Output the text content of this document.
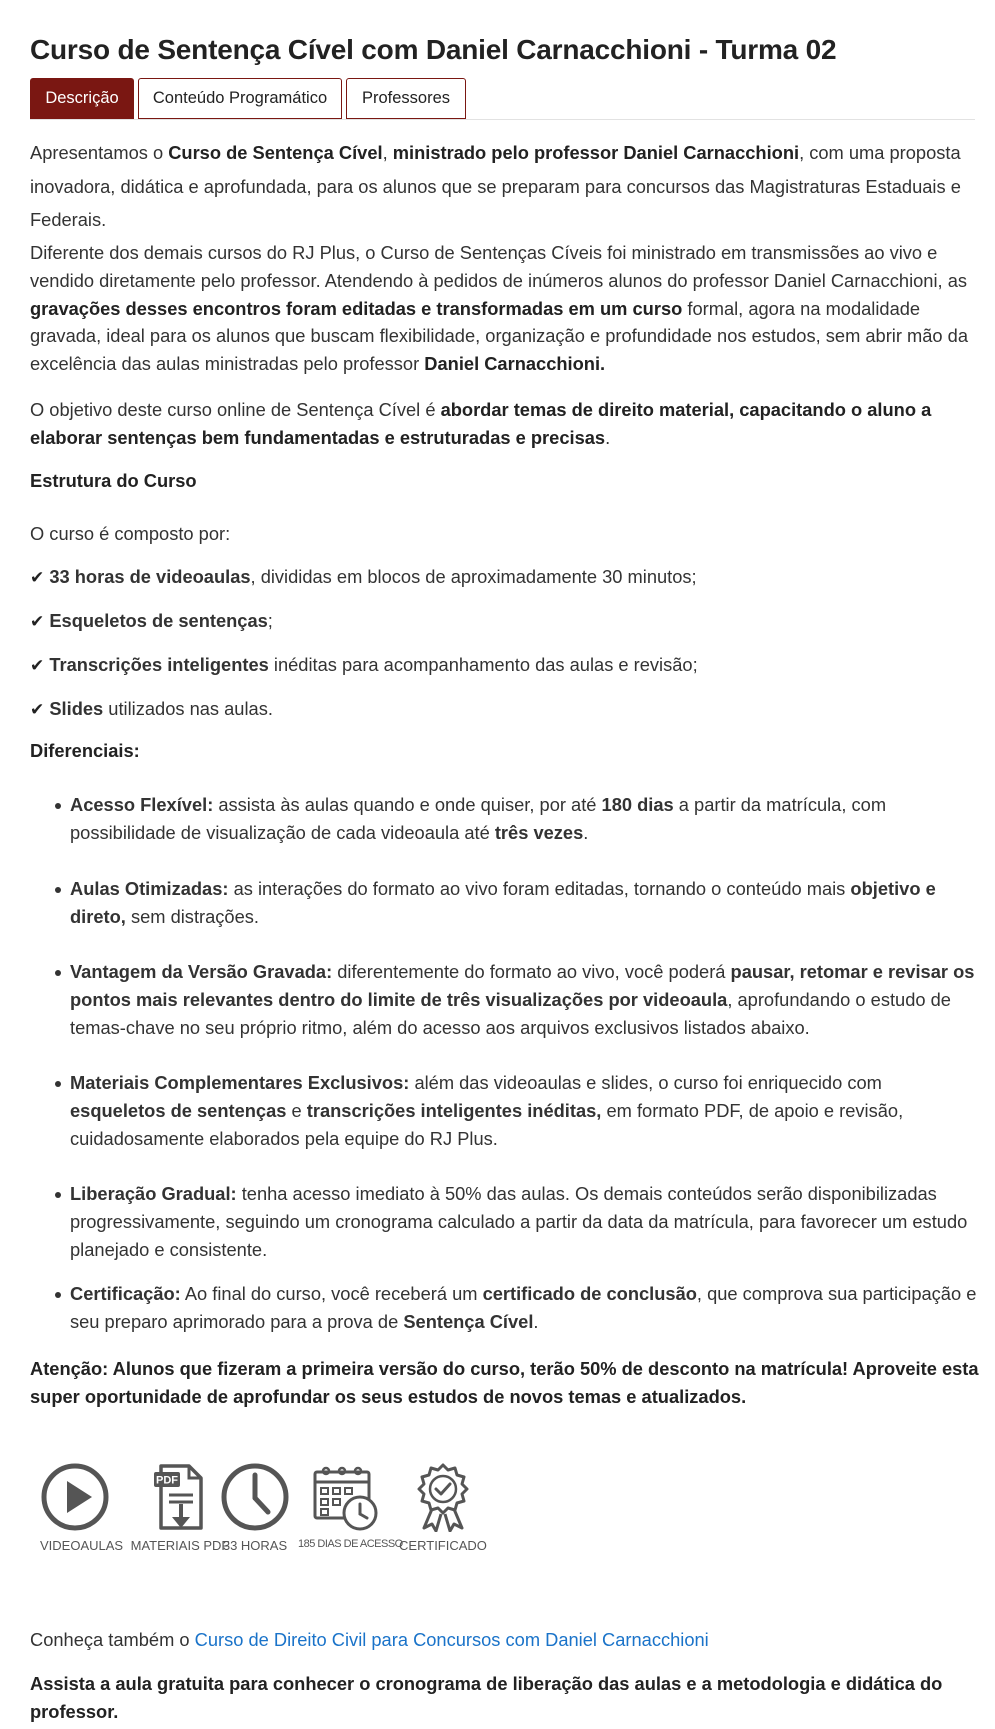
Curso de Sentença Cível com Daniel Carnacchioni - Turma 02
Descrição	Conteúdo Programático	Professores

Apresentamos o Curso de Sentença Cível, ministrado pelo professor Daniel Carnacchioni, com uma proposta inovadora, didática e aprofundada, para os alunos que se preparam para concursos das Magistraturas Estaduais e Federais.

Diferente dos demais cursos do RJ Plus, o Curso de Sentenças Cíveis foi ministrado em transmissões ao vivo e vendido diretamente pelo professor. Atendendo à pedidos de inúmeros alunos do professor Daniel Carnacchioni, as gravações desses encontros foram editadas e transformadas em um curso formal, agora na modalidade gravada, ideal para os alunos que buscam flexibilidade, organização e profundidade nos estudos, sem abrir mão da excelência das aulas ministradas pelo professor Daniel Carnacchioni.

O objetivo deste curso online de Sentença Cível é abordar temas de direito material, capacitando o aluno a elaborar sentenças bem fundamentadas e estruturadas e precisas.

Estrutura do Curso

O curso é composto por:

✔ 33 horas de videoaulas, divididas em blocos de aproximadamente 30 minutos;

✔ Esqueletos de sentenças;

✔ Transcrições inteligentes inéditas para acompanhamento das aulas e revisão;

✔ Slides utilizados nas aulas.

Diferenciais:

Acesso Flexível: assista às aulas quando e onde quiser, por até 180 dias a partir da matrícula, com possibilidade de visualização de cada videoaula até três vezes.

Aulas Otimizadas: as interações do formato ao vivo foram editadas, tornando o conteúdo mais objetivo e direto, sem distrações.

Vantagem da Versão Gravada: diferentemente do formato ao vivo, você poderá pausar, retomar e revisar os pontos mais relevantes dentro do limite de três visualizações por videoaula, aprofundando o estudo de temas-chave no seu próprio ritmo, além do acesso aos arquivos exclusivos listados abaixo.

Materiais Complementares Exclusivos: além das videoaulas e slides, o curso foi enriquecido com esqueletos de sentenças e transcrições inteligentes inéditas, em formato PDF, de apoio e revisão, cuidadosamente elaborados pela equipe do RJ Plus.

Liberação Gradual: tenha acesso imediato à 50% das aulas. Os demais conteúdos serão disponibilizadas progressivamente, seguindo um cronograma calculado a partir da data da matrícula, para favorecer um estudo planejado e consistente.

Certificação: Ao final do curso, você receberá um certificado de conclusão, que comprova sua participação e seu preparo aprimorado para a prova de Sentença Cível.

Atenção: Alunos que fizeram a primeira versão do curso, terão 50% de desconto na matrícula! Aproveite esta super oportunidade de aprofundar os seus estudos de novos temas e atualizados.

VIDEOAULAS
PDF
MATERIAIS PDF
33 HORAS 185 DIAS DE ACESSO
CERTIFICADO

Conheça também o Curso de Direito Civil para Concursos com Daniel Carnacchioni

Assista a aula gratuita para conhecer o cronograma de liberação das aulas e a metodologia e didática do professor.
